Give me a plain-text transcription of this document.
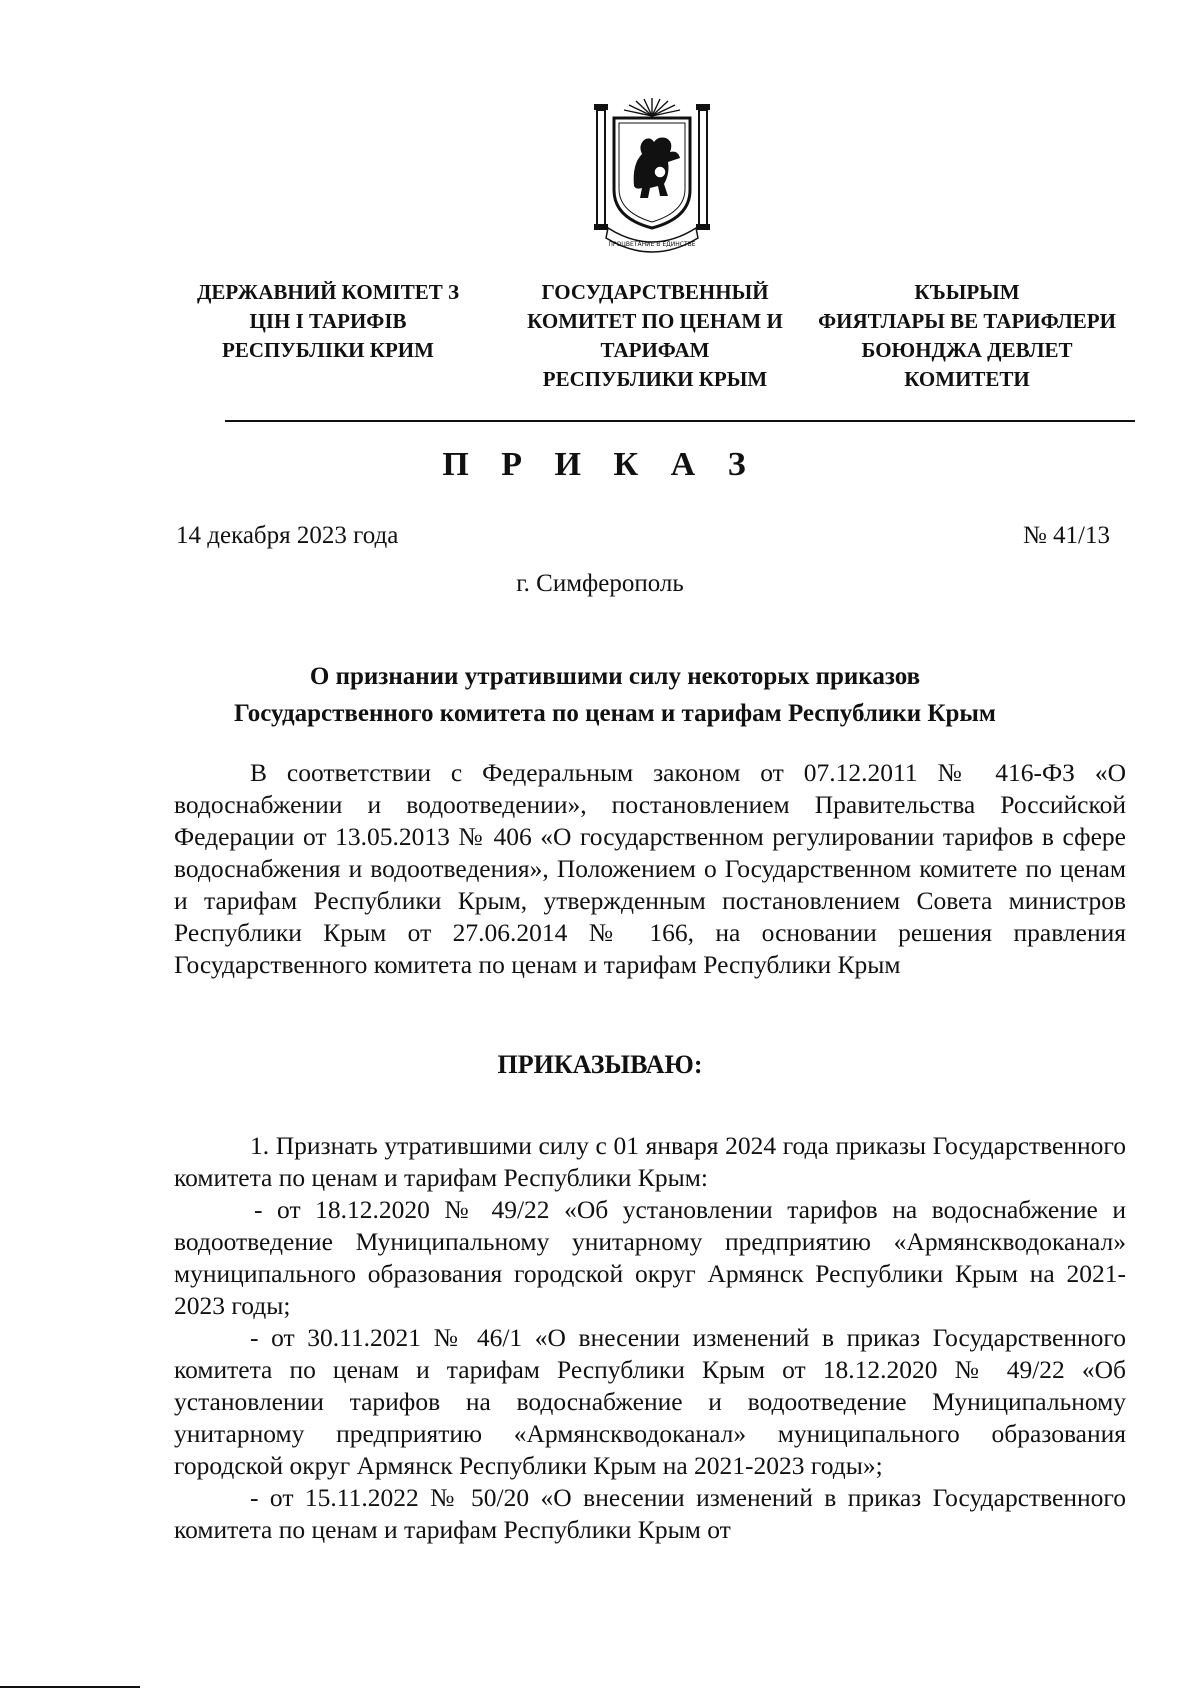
ПРОЦВЕТАНИЕ В ЕДИНСТВЕ
ДЕРЖАВНИЙ КОМІТЕТ З
ЦІН І ТАРИФІВ
РЕСПУБЛІКИ КРИМ
ГОСУДАРСТВЕННЫЙ
КОМИТЕТ ПО ЦЕНАМ И
ТАРИФАМ
РЕСПУБЛИКИ КРЫМ
КЪЫРЫМ
ФИЯТЛАРЫ ВЕ ТАРИФЛЕРИ
БОЮНДЖА ДЕВЛЕТ
КОМИТЕТИ
П Р И К А З
14 декабря 2023 года	№ 41/13
г. Симферополь
О признании утратившими силу некоторых приказов
Государственного комитета по ценам и тарифам Республики Крым
В соответствии с Федеральным законом от 07.12.2011 № 416-ФЗ «О водоснабжении и водоотведении», постановлением Правительства Российской Федерации от 13.05.2013 № 406 «О государственном регулировании тарифов в сфере водоснабжения и водоотведения», Положением о Государственном комитете по ценам и тарифам Республики Крым, утвержденным постановлением Совета министров Республики Крым от 27.06.2014 № 166, на основании решения правления Государственного комитета по ценам и тарифам Республики Крым
ПРИКАЗЫВАЮ:

1. Признать утратившими силу с 01 января 2024 года приказы Государственного комитета по ценам и тарифам Республики Крым:

- от 18.12.2020 № 49/22 «Об установлении тарифов на водоснабжение и водоотведение Муниципальному унитарному предприятию «Армянскводоканал» муниципального образования городской округ Армянск Республики Крым на 2021-2023 годы;

- от 30.11.2021 № 46/1 «О внесении изменений в приказ Государственного комитета по ценам и тарифам Республики Крым от 18.12.2020 № 49/22 «Об установлении тарифов на водоснабжение и водоотведение Муниципальному унитарному предприятию «Армянскводоканал» муниципального образования городской округ Армянск Республики Крым на 2021-2023 годы»;

- от 15.11.2022 № 50/20 «О внесении изменений в приказ Государственного комитета по ценам и тарифам Республики Крым от
